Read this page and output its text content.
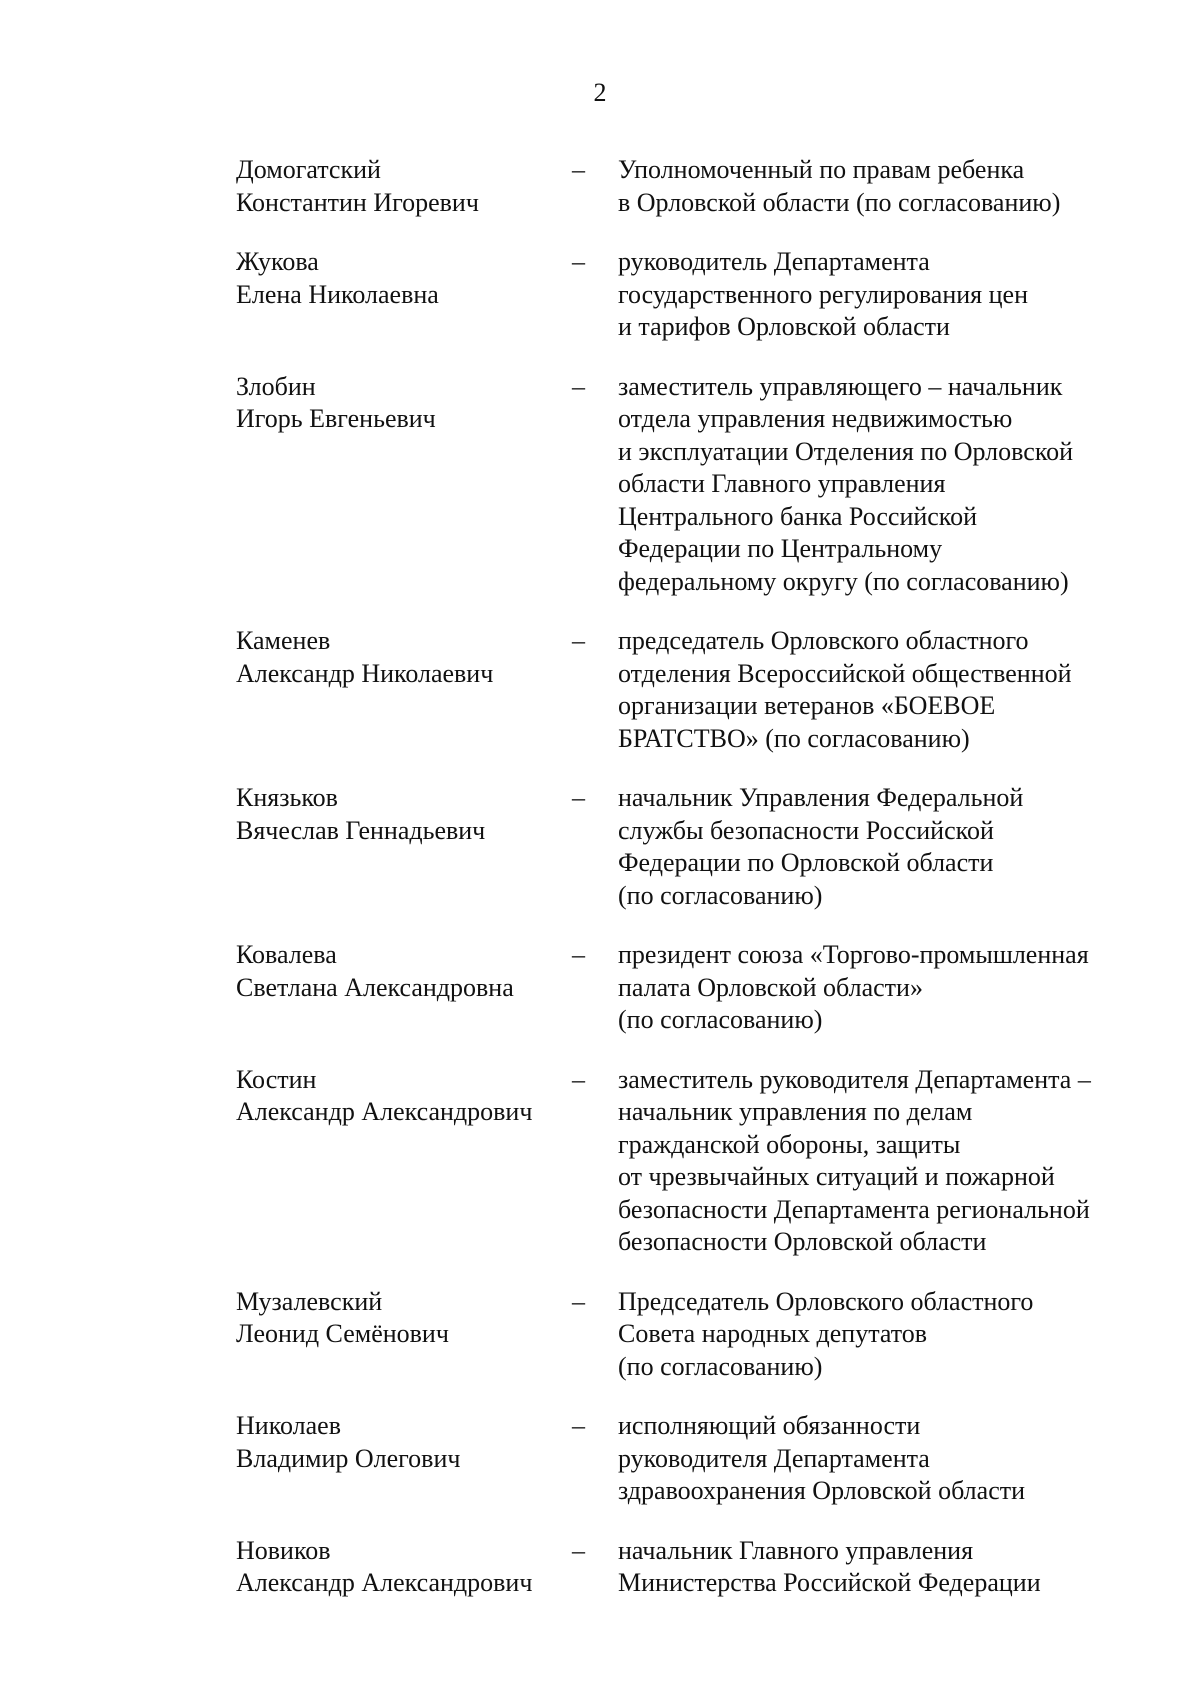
2
Домогатский
Константин Игоревич
–	Уполномоченный по правам ребенка
в Орловской области (по согласованию)
Жукова
Елена Николаевна
–	руководитель Департамента
государственного регулирования цен
и тарифов Орловской области
Злобин
Игорь Евгеньевич
–	заместитель управляющего – начальник
отдела управления недвижимостью
и эксплуатации Отделения по Орловской
области Главного управления
Центрального банка Российской
Федерации по Центральному
федеральному округу (по согласованию)
Каменев
Александр Николаевич
–	председатель Орловского областного
отделения Всероссийской общественной
организации ветеранов «БОЕВОЕ
БРАТСТВО» (по согласованию)
Князьков
Вячеслав Геннадьевич
–	начальник Управления Федеральной
службы безопасности Российской
Федерации по Орловской области
(по согласованию)
Ковалева
Светлана Александровна
–	президент союза «Торгово-промышленная
палата Орловской области»
(по согласованию)
Костин
Александр Александрович
–	заместитель руководителя Департамента –
начальник управления по делам
гражданской обороны, защиты
от чрезвычайных ситуаций и пожарной
безопасности Департамента региональной
безопасности Орловской области
Музалевский
Леонид Семёнович
–	Председатель Орловского областного
Совета народных депутатов
(по согласованию)
Николаев
Владимир Олегович
–	исполняющий обязанности
руководителя Департамента
здравоохранения Орловской области
Новиков
Александр Александрович
–	начальник Главного управления
Министерства Российской Федерации
